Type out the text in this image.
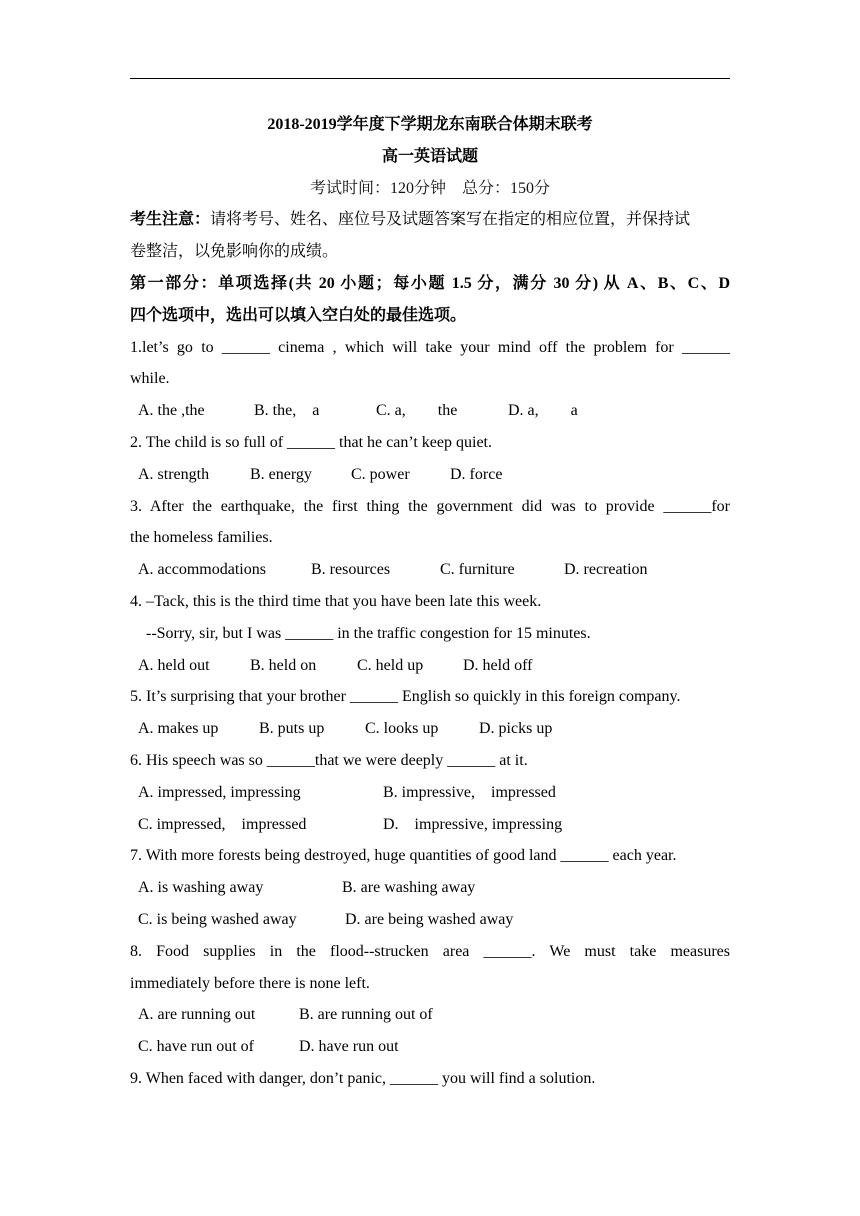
2018-2019学年度下学期龙东南联合体期末联考
高一英语试题
考试时间：120分钟　总分：150分
考生注意：请将考号、姓名、座位号及试题答案写在指定的相应位置，并保持试
卷整洁，以免影响你的成绩。
第一部分：单项选择(共 20 小题；每小题 1.5 分，满分 30 分) 从 A、B、C、D
四个选项中，选出可以填入空白处的最佳选项。
1.let’s go to ______ cinema , which will take your mind off the problem for ______
while.
A. the ,the	B. the,　a	C. a,　　the	D. a,　　a
2. The child is so full of ______ that he can’t keep quiet.
A. strength	B. energy C. power	D. force
3. After the earthquake, the first thing the government did was to provide ______for
the homeless families.
A. accommodations	B. resources	C. furniture	D. recreation
4. –Tack, this is the third time that you have been late this week.
--Sorry, sir, but I was ______ in the traffic congestion for 15 minutes.
A. held out	B. held on	C. held up D. held off
5. It’s surprising that your brother ______ English so quickly in this foreign company.
A. makes up	B. puts up	C. looks up	D. picks up
6. His speech was so ______that we were deeply ______ at it.
A. impressed, impressing	B. impressive,　impressed
C. impressed,　impressed	D.　impressive, impressing
7. With more forests being destroyed, huge quantities of good land ______ each year.
A. is washing away	B. are washing away
C. is being washed away	D. are being washed away
8. Food supplies in the flood--strucken area ______. We must take measures
immediately before there is none left.
A. are running out	B. are running out of
C. have run out of	D. have run out
9. When faced with danger, don’t panic, ______ you will find a solution.
